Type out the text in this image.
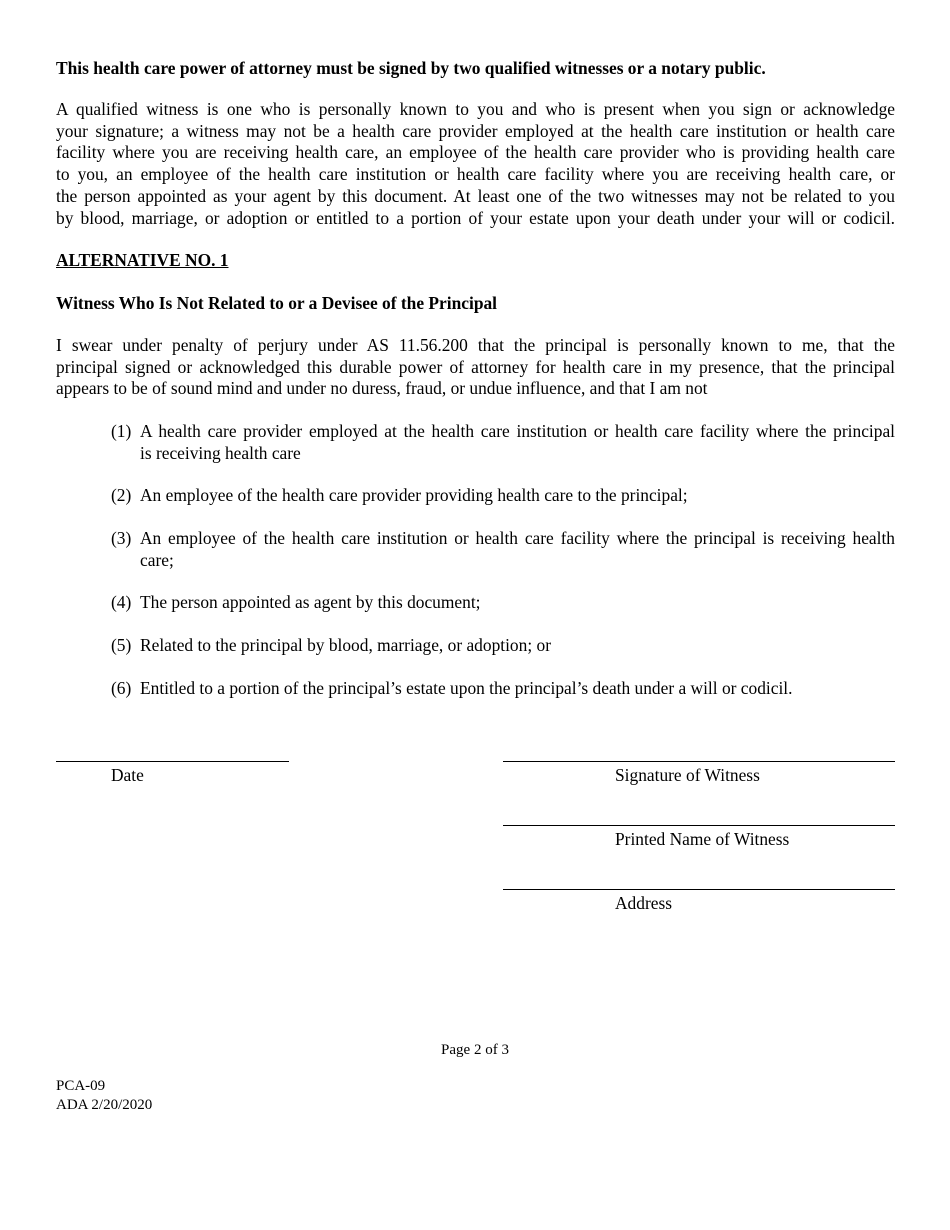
This health care power of attorney must be signed by two qualified witnesses or a notary public.
A qualified witness is one who is personally known to you and who is present when you sign or acknowledge
your signature; a witness may not be a health care provider employed at the health care institution or health care
facility where you are receiving health care, an employee of the health care provider who is providing health care
to you, an employee of the health care institution or health care facility where you are receiving health care, or
the person appointed as your agent by this document. At least one of the two witnesses may not be related to you
by blood, marriage, or adoption or entitled to a portion of your estate upon your death under your will or codicil.
ALTERNATIVE NO. 1
Witness Who Is Not Related to or a Devisee of the Principal
I swear under penalty of perjury under AS 11.56.200 that the principal is personally known to me, that the
principal signed or acknowledged this durable power of attorney for health care in my presence, that the principal
appears to be of sound mind and under no duress, fraud, or undue influence, and that I am not
(1) A health care provider employed at the health care institution or health care facility where the principal
is receiving health care
(2) An employee of the health care provider providing health care to the principal;
(3) An employee of the health care institution or health care facility where the principal is receiving health
care;
(4) The person appointed as agent by this document;
(5) Related to the principal by blood, marriage, or adoption; or
(6) Entitled to a portion of the principal’s estate upon the principal’s death under a will or codicil.
Date	Signature of Witness
Printed Name of Witness
Address
Page 2 of 3
PCA-09
ADA 2/20/2020
